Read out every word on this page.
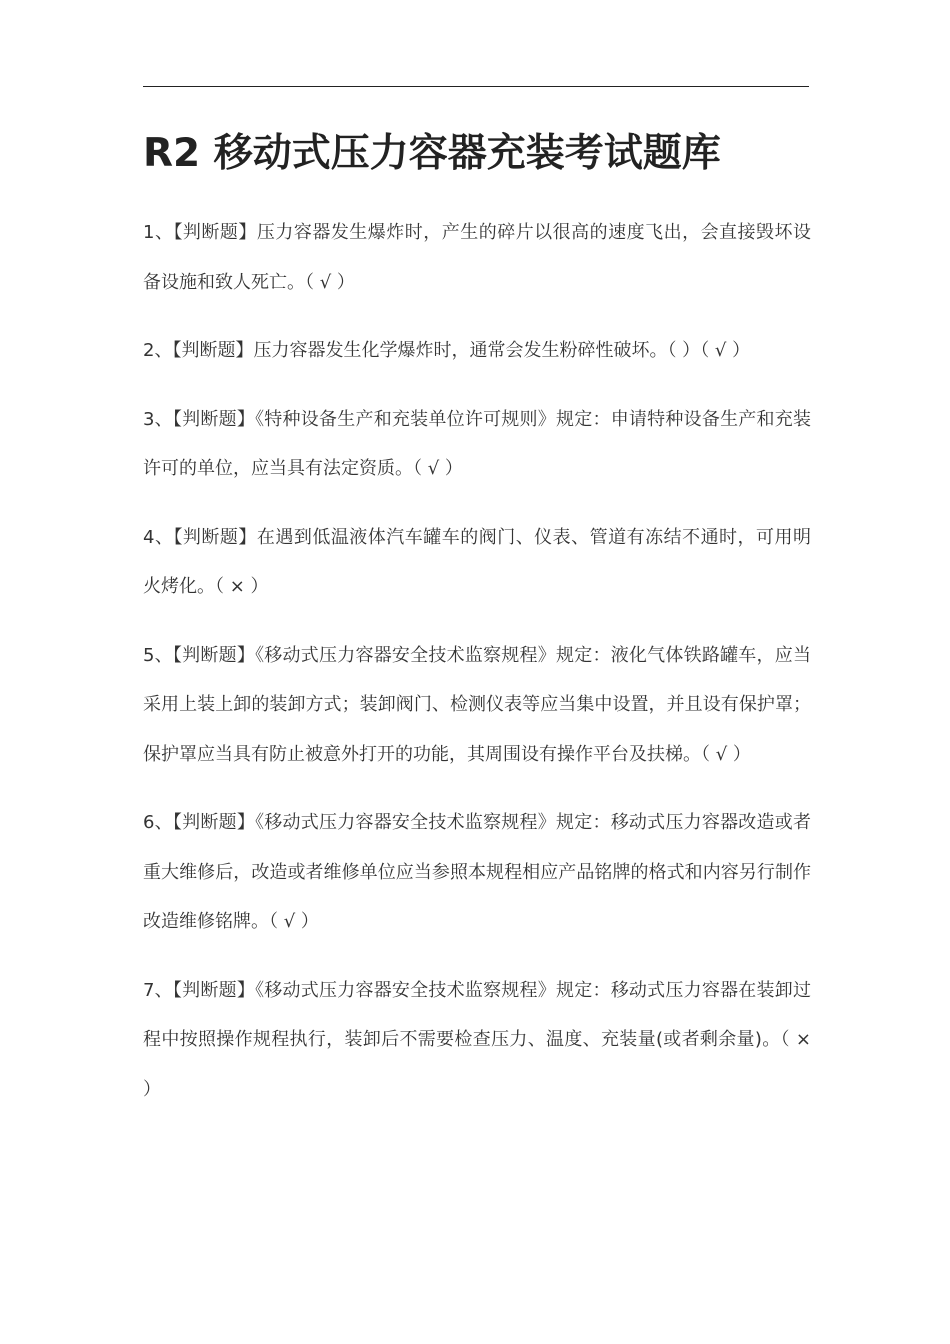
R2 移动式压力容器充装考试题库

1、【判断题】压力容器发生爆炸时，产生的碎片以很高的速度飞出，会直接毁坏设备设施和致人死亡。（ √ ）

2、【判断题】压力容器发生化学爆炸时，通常会发生粉碎性破坏。（ ）（ √ ）

3、【判断题】《特种设备生产和充装单位许可规则》规定：申请特种设备生产和充装许可的单位，应当具有法定资质。（ √ ）

4、【判断题】在遇到低温液体汽车罐车的阀门、仪表、管道有冻结不通时，可用明火烤化。（ × ）

5、【判断题】《移动式压力容器安全技术监察规程》规定：液化气体铁路罐车，应当采用上装上卸的装卸方式；装卸阀门、检测仪表等应当集中设置，并且设有保护罩；保护罩应当具有防止被意外打开的功能，其周围设有操作平台及扶梯。（ √ ）

6、【判断题】《移动式压力容器安全技术监察规程》规定：移动式压力容器改造或者重大维修后，改造或者维修单位应当参照本规程相应产品铭牌的格式和内容另行制作改造维修铭牌。（ √ ）

7、【判断题】《移动式压力容器安全技术监察规程》规定：移动式压力容器在装卸过程中按照操作规程执行，装卸后不需要检查压力、温度、充装量(或者剩余量)。（ × ）
